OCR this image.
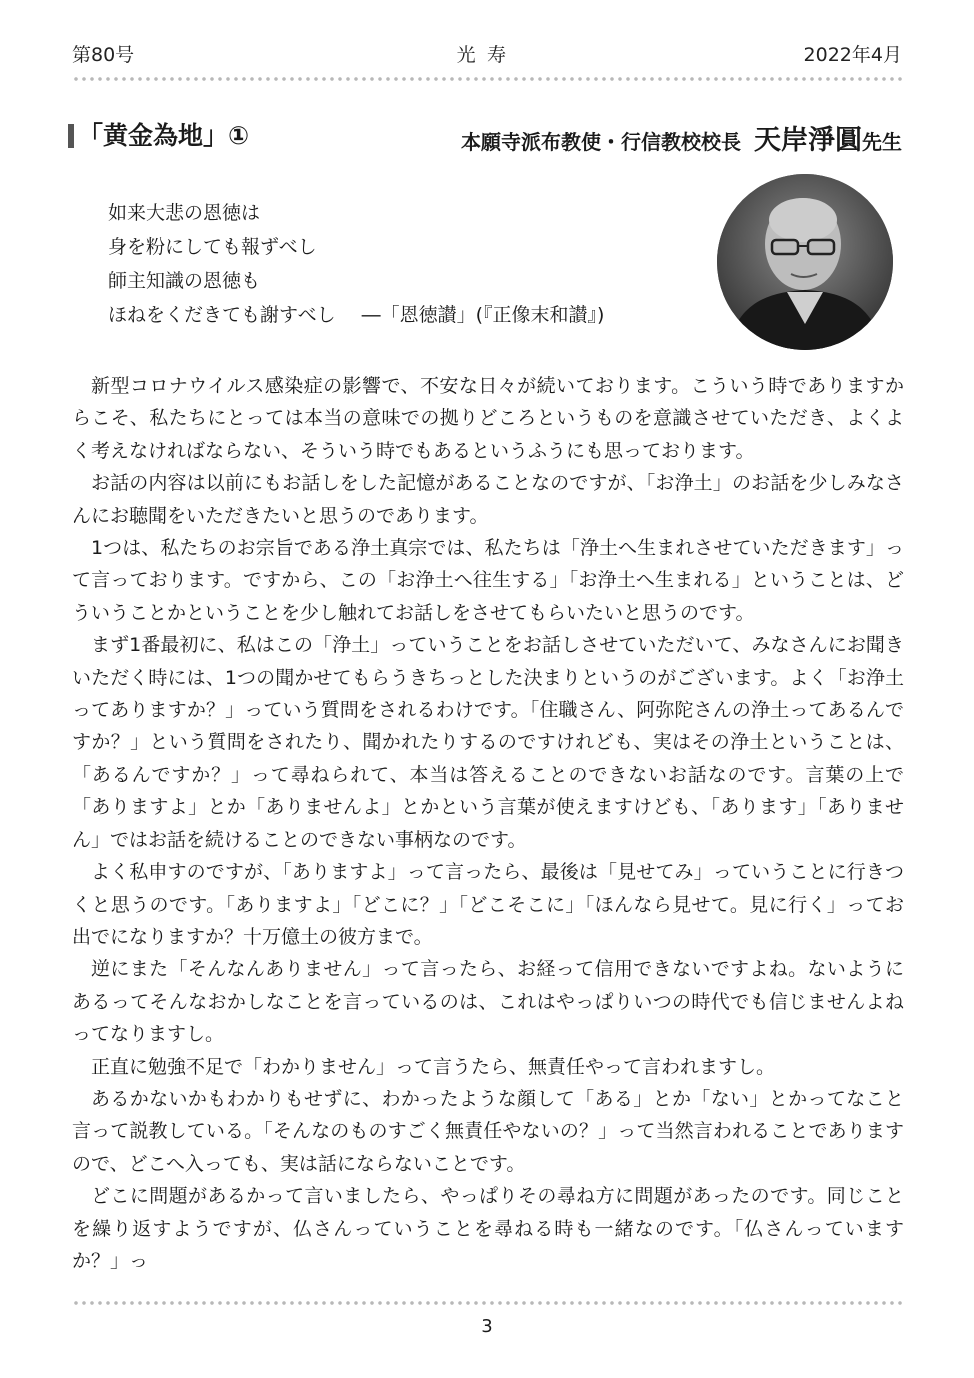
第80号	光寿	2022年4月
「黄金為地」①	本願寺派布教使・行信教校校長 天岸淨圓先生
如来大悲の恩徳は
身を粉にしても報ずべし
師主知識の恩徳も
ほねをくだきても謝すべし ―「恩徳讃」(『正像末和讃』)

新型コロナウイルス感染症の影響で、不安な日々が続いております。こういう時でありますからこそ、私たちにとっては本当の意味での拠りどころというものを意識させていただき、よくよく考えなければならない、そういう時でもあるというふうにも思っております。

お話の内容は以前にもお話しをした記憶があることなのですが、「お浄土」のお話を少しみなさんにお聴聞をいただきたいと思うのであります。

1つは、私たちのお宗旨である浄土真宗では、私たちは「浄土へ生まれさせていただきます」って言っております。ですから、この「お浄土へ往生する」「お浄土へ生まれる」ということは、どういうことかということを少し触れてお話しをさせてもらいたいと思うのです。

まず1番最初に、私はこの「浄土」っていうことをお話しさせていただいて、みなさんにお聞きいただく時には、1つの聞かせてもらうきちっとした決まりというのがございます。よく「お浄土ってありますか？」っていう質問をされるわけです。「住職さん、阿弥陀さんの浄土ってあるんですか？」という質問をされたり、聞かれたりするのですけれども、実はその浄土ということは、「あるんですか？」って尋ねられて、本当は答えることのできないお話なのです。言葉の上で「ありますよ」とか「ありませんよ」とかという言葉が使えますけども、「あります」「ありません」ではお話を続けることのできない事柄なのです。

よく私申すのですが、「ありますよ」って言ったら、最後は「見せてみ」っていうことに行きつくと思うのです。「ありますよ」「どこに？」「どこそこに」「ほんなら見せて。見に行く」ってお出でになりますか？十万億土の彼方まで。

逆にまた「そんなんありません」って言ったら、お経って信用できないですよね。ないようにあるってそんなおかしなことを言っているのは、これはやっぱりいつの時代でも信じませんよねってなりますし。

正直に勉強不足で「わかりません」って言うたら、無責任やって言われますし。

あるかないかもわかりもせずに、わかったような顔して「ある」とか「ない」とかってなこと言って説教している。「そんなのものすごく無責任やないの？」って当然言われることでありますので、どこへ入っても、実は話にならないことです。

どこに問題があるかって言いましたら、やっぱりその尋ね方に問題があったのです。同じことを繰り返すようですが、仏さんっていうことを尋ねる時も一緒なのです。「仏さんっていますか？」っ

3
